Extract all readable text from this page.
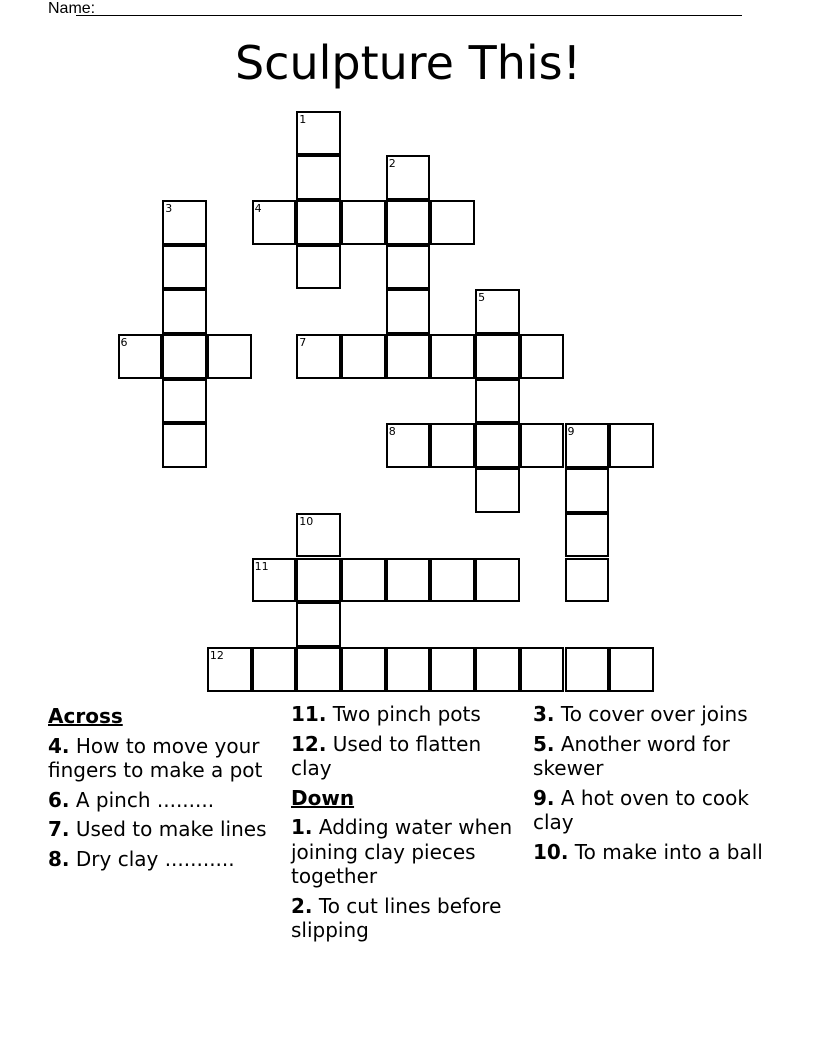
Name:
Sculpture This!
4
6	7
8	9
11
12
1
2
3
5
10
Across
4. How to move your fingers to make a pot
6. A pinch .........
7. Used to make lines
8. Dry clay ...........
11. Two pinch pots
12. Used to flatten clay
Down
1. Adding water when joining clay pieces together
2. To cut lines before slipping
3. To cover over joins
5. Another word for skewer
9. A hot oven to cook clay
10. To make into a ball
